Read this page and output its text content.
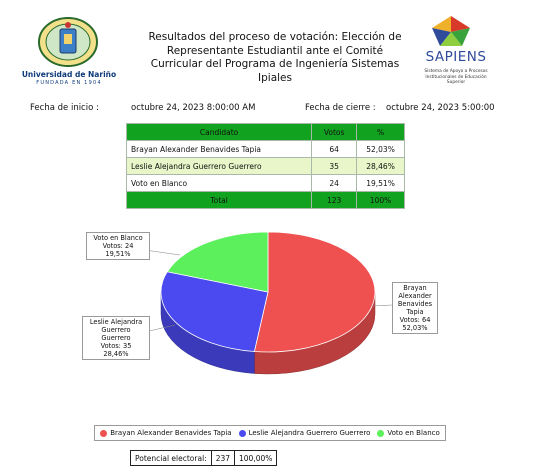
Universidad de Nariño
FUNDADA EN 1904
Resultados del proceso de votación: Elección de
Representante Estudiantil ante el Comité
Curricular del Programa de Ingeniería Sistemas
Ipiales
SAPIENS
Sistema de Apoyo a Procesos
Institucionales de Educación Superior
Fecha de inicio :	octubre 24, 2023 8:00:00 AM	Fecha de cierre : octubre 24, 2023 5:00:00
Candidato	Votos	%
Brayan Alexander Benavides Tapia	64	52,03%
Leslie Alejandra Guerrero Guerrero	35	28,46%
Voto en Blanco	24	19,51%
Total	123	100%
Voto en Blanco
Votos: 24
19,51%
Leslie Alejandra
Guerrero
Guerrero
Votos: 35
28,46%
Brayan
Alexander
Benavides
Tapia
Votos: 64
52,03%
Brayan Alexander Benavides Tapia Leslie Alejandra Guerrero Guerrero Voto en Blanco
Potencial electoral:	237	100,00%
